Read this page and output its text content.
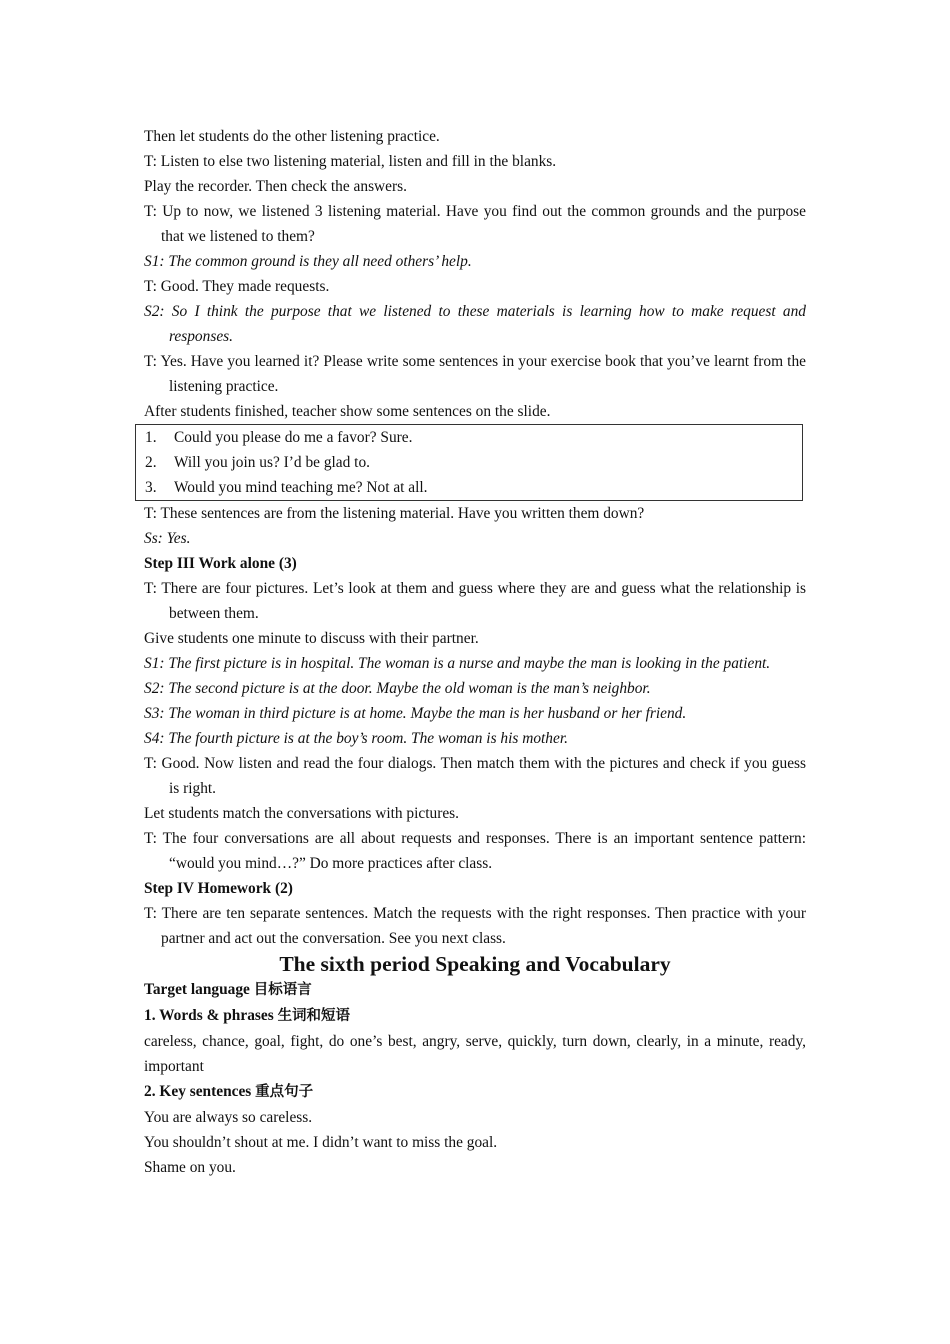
Then let students do the other listening practice.

T: Listen to else two listening material, listen and fill in the blanks.

Play the recorder. Then check the answers.

T: Up to now, we listened 3 listening material. Have you find out the common grounds and the purpose that we listened to them?

S1: The common ground is they all need others’ help.

T: Good. They made requests.

S2: So I think the purpose that we listened to these materials is learning how to make request and responses.

T: Yes. Have you learned it? Please write some sentences in your exercise book that you’ve learnt from the listening practice.

After students finished, teacher show some sentences on the slide.

1. Could you please do me a favor? Sure.

2. Will you join us? I’d be glad to.

3. Would you mind teaching me? Not at all.

T: These sentences are from the listening material. Have you written them down?

Ss: Yes.

Step III Work alone (3)

T: There are four pictures. Let’s look at them and guess where they are and guess what the relationship is between them.

Give students one minute to discuss with their partner.

S1: The first picture is in hospital. The woman is a nurse and maybe the man is looking in the patient.

S2: The second picture is at the door. Maybe the old woman is the man’s neighbor.

S3: The woman in third picture is at home. Maybe the man is her husband or her friend.

S4: The fourth picture is at the boy’s room. The woman is his mother.

T: Good. Now listen and read the four dialogs. Then match them with the pictures and check if you guess is right.

Let students match the conversations with pictures.

T: The four conversations are all about requests and responses. There is an important sentence pattern: “would you mind…?” Do more practices after class.

Step IV Homework (2)

T: There are ten separate sentences. Match the requests with the right responses. Then practice with your partner and act out the conversation. See you next class.

The sixth period Speaking and Vocabulary

Target language 目标语言

1. Words & phrases 生词和短语

careless, chance, goal, fight, do one’s best, angry, serve, quickly, turn down, clearly, in a minute, ready, important

2. Key sentences 重点句子

You are always so careless.

You shouldn’t shout at me. I didn’t want to miss the goal.

Shame on you.
